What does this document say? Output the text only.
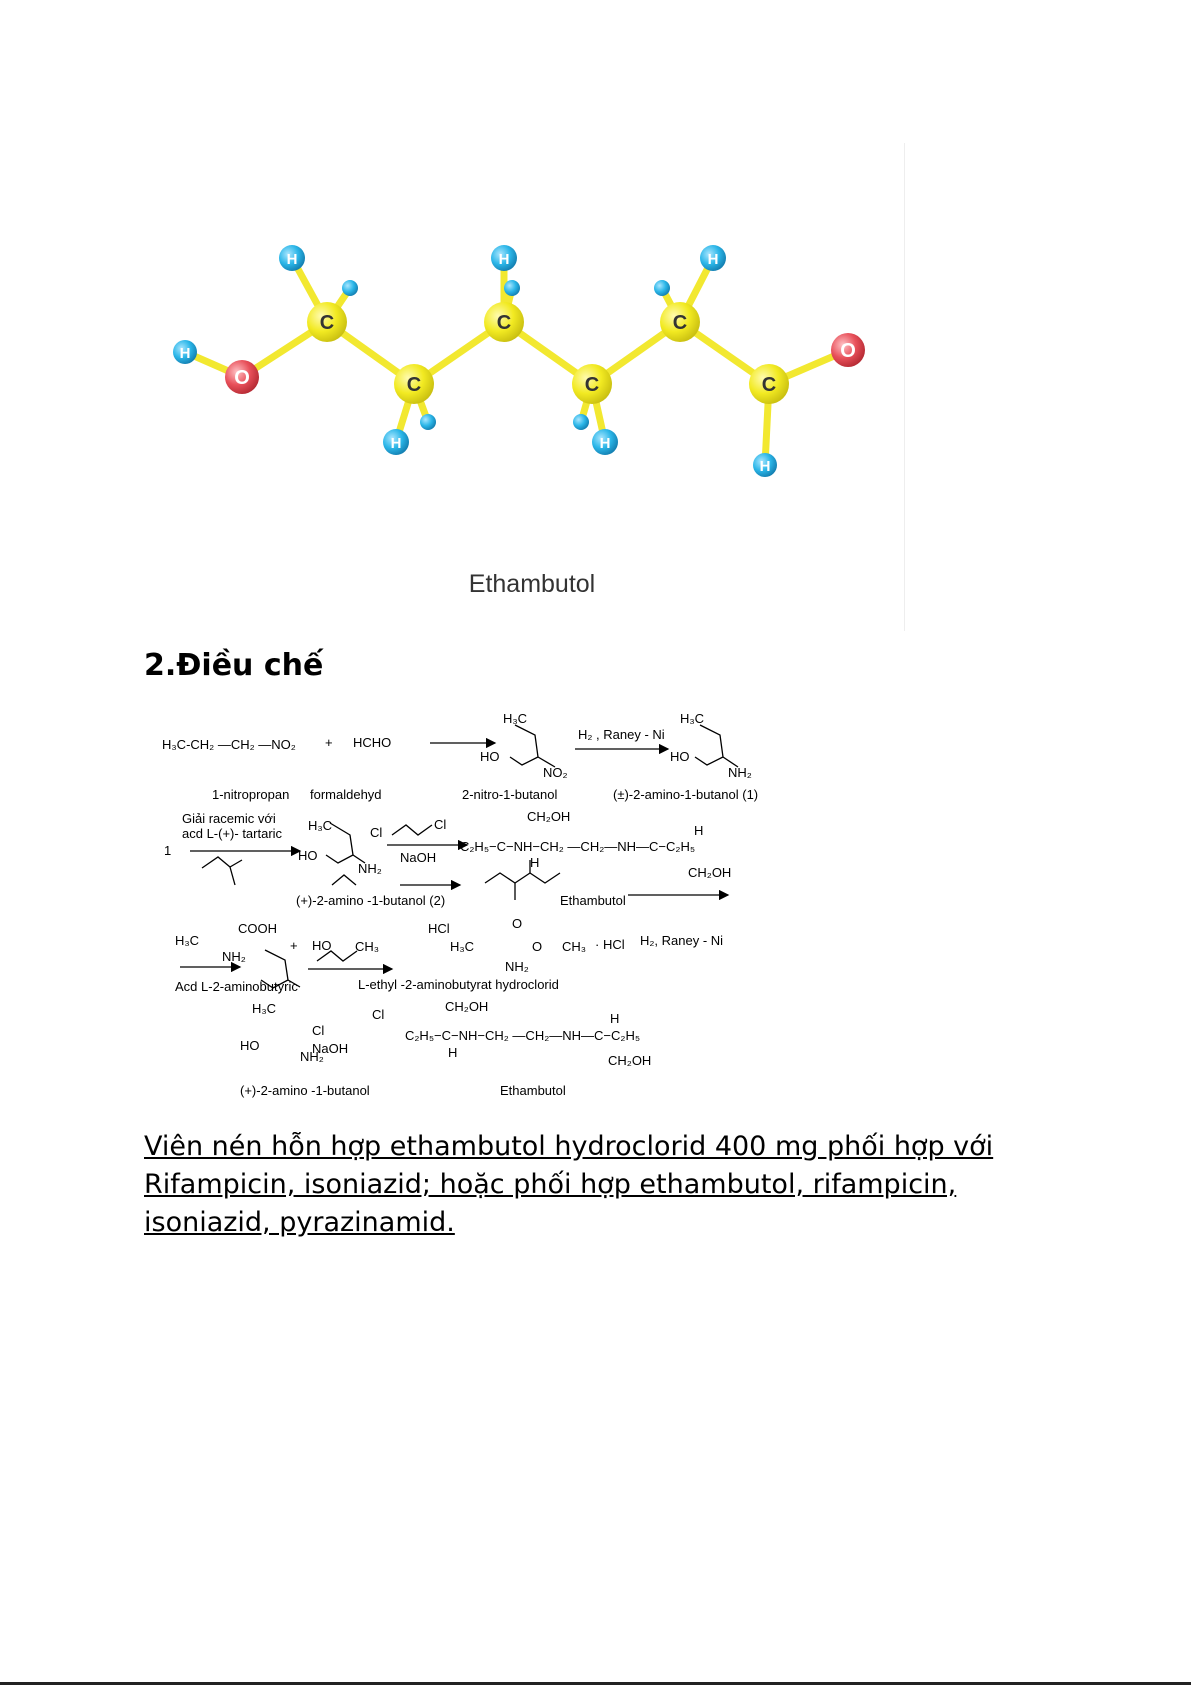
H
H
H
H
H
H
H
O
O
C
C
C
C
C
C
Ethambutol
2.Điều chế
H₃C-CH₂ —CH₂ —NO₂ + HCHO
H₃C
HO
NO₂
H₂ , Raney - Ni
H₃C
HO
NH₂
1-nitropropan formaldehyd	2-nitro-1-butanol	(±)-2-amino-1-butanol (1)
Giải racemic với
acd L-(+)- tartaric
1
H₃C
HO
NH₂
Cl
Cl
NaOH
CH₂OH
C₂H₅−C−NH−CH₂ —CH₂—NH—C−C₂H₅
H
H
CH₂OH
(+)-2-amino -1-butanol (2)	Ethambutol
H₃C
COOH
NH₂
+ HO CH₃
HCl
H₃C
O
NH₂
O CH₃ · HCl H₂, Raney - Ni
Acd L-2-aminobutyric	L-ethyl -2-aminobutyrat hydroclorid
H₃C
HO
NH₂
NaOH
Cl
Cl
CH₂OH
C₂H₅−C−NH−CH₂ —CH₂—NH—C−C₂H₅
H
H
CH₂OH
(+)-2-amino -1-butanol	Ethambutol

Viên nén hỗn hợp ethambutol hydroclorid 400 mg phối hợp với Rifampicin, isoniazid; hoặc phối hợp ethambutol, rifampicin, isoniazid, pyrazinamid.
